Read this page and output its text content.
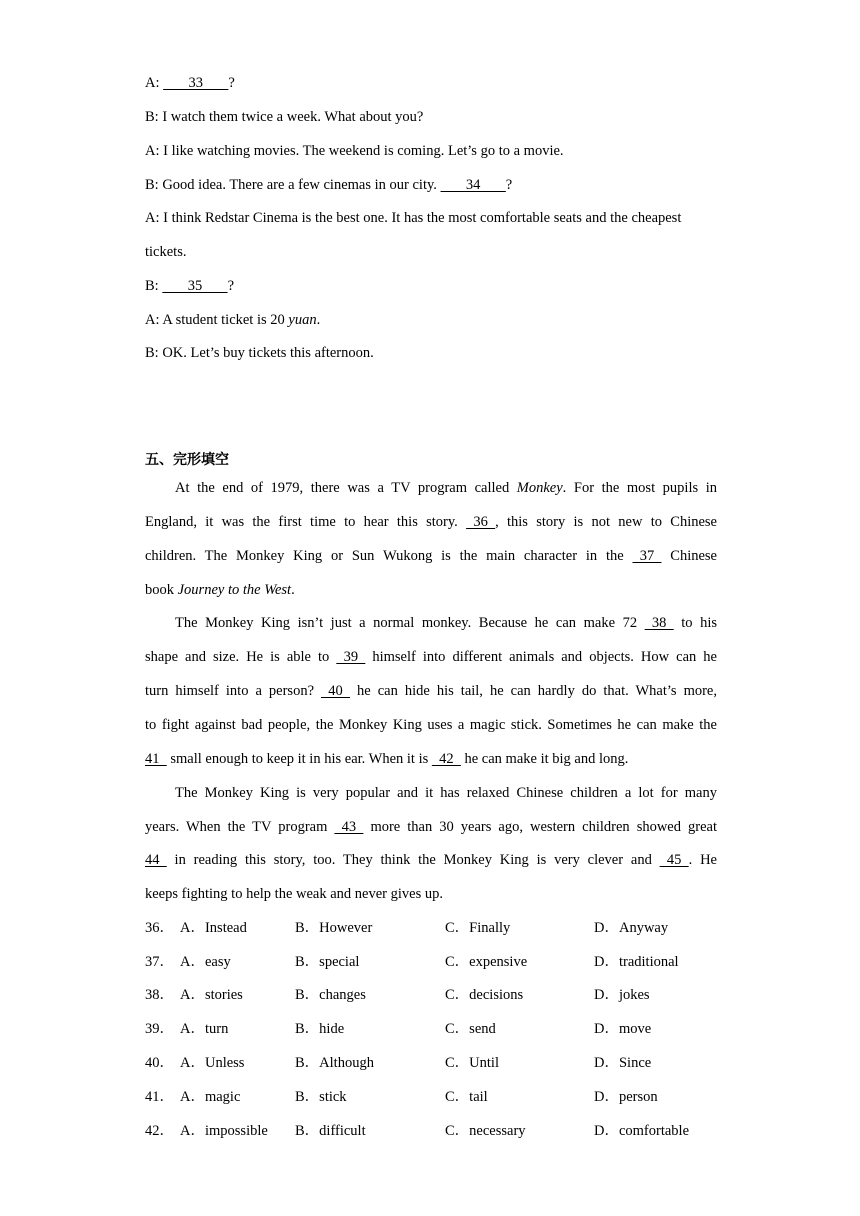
A:        33       ?
B: I watch them twice a week. What about you?
A: I like watching movies. The weekend is coming. Let’s go to a movie.
B: Good idea. There are a few cinemas in our city.        34       ?
A: I think Redstar Cinema is the best one. It has the most comfortable seats and the cheapest
tickets.
B:        35       ?
A: A student ticket is 20 yuan.
B: OK. Let’s buy tickets this afternoon.
五、完形填空
At the end of 1979, there was a TV program called Monkey. For the most pupils in
England, it was the first time to hear this story.   36  , this story is not new to Chinese
children. The Monkey King or Sun Wukong is the main character in the   37   Chinese
book Journey to the West.
The Monkey King isn’t just a normal monkey. Because he can make 72   38   to his
shape and size. He is able to   39   himself into different animals and objects. How can he
turn himself into a person?   40   he can hide his tail, he can hardly do that. What’s more,
to fight against bad people, the Monkey King uses a magic stick. Sometimes he can make the
41   small enough to keep it in his ear. When it is   42   he can make it big and long.
The Monkey King is very popular and it has relaxed Chinese children a lot for many
years. When the TV program   43   more than 30 years ago, western children showed great
44   in reading this story, too. They think the Monkey King is very clever and   45  . He
keeps fighting to help the weak and never gives up.
36． A．Instead	B．However	C．Finally	D．Anyway
37． A．easy	B．special	C．expensive	D．traditional
38． A．stories	B．changes	C．decisions	D．jokes
39． A．turn	B．hide	C．send	D．move
40． A．Unless	B．Although	C．Until	D．Since
41． A．magic	B．stick	C．tail	D．person
42． A．impossible B．difficult	C．necessary	D．comfortable
